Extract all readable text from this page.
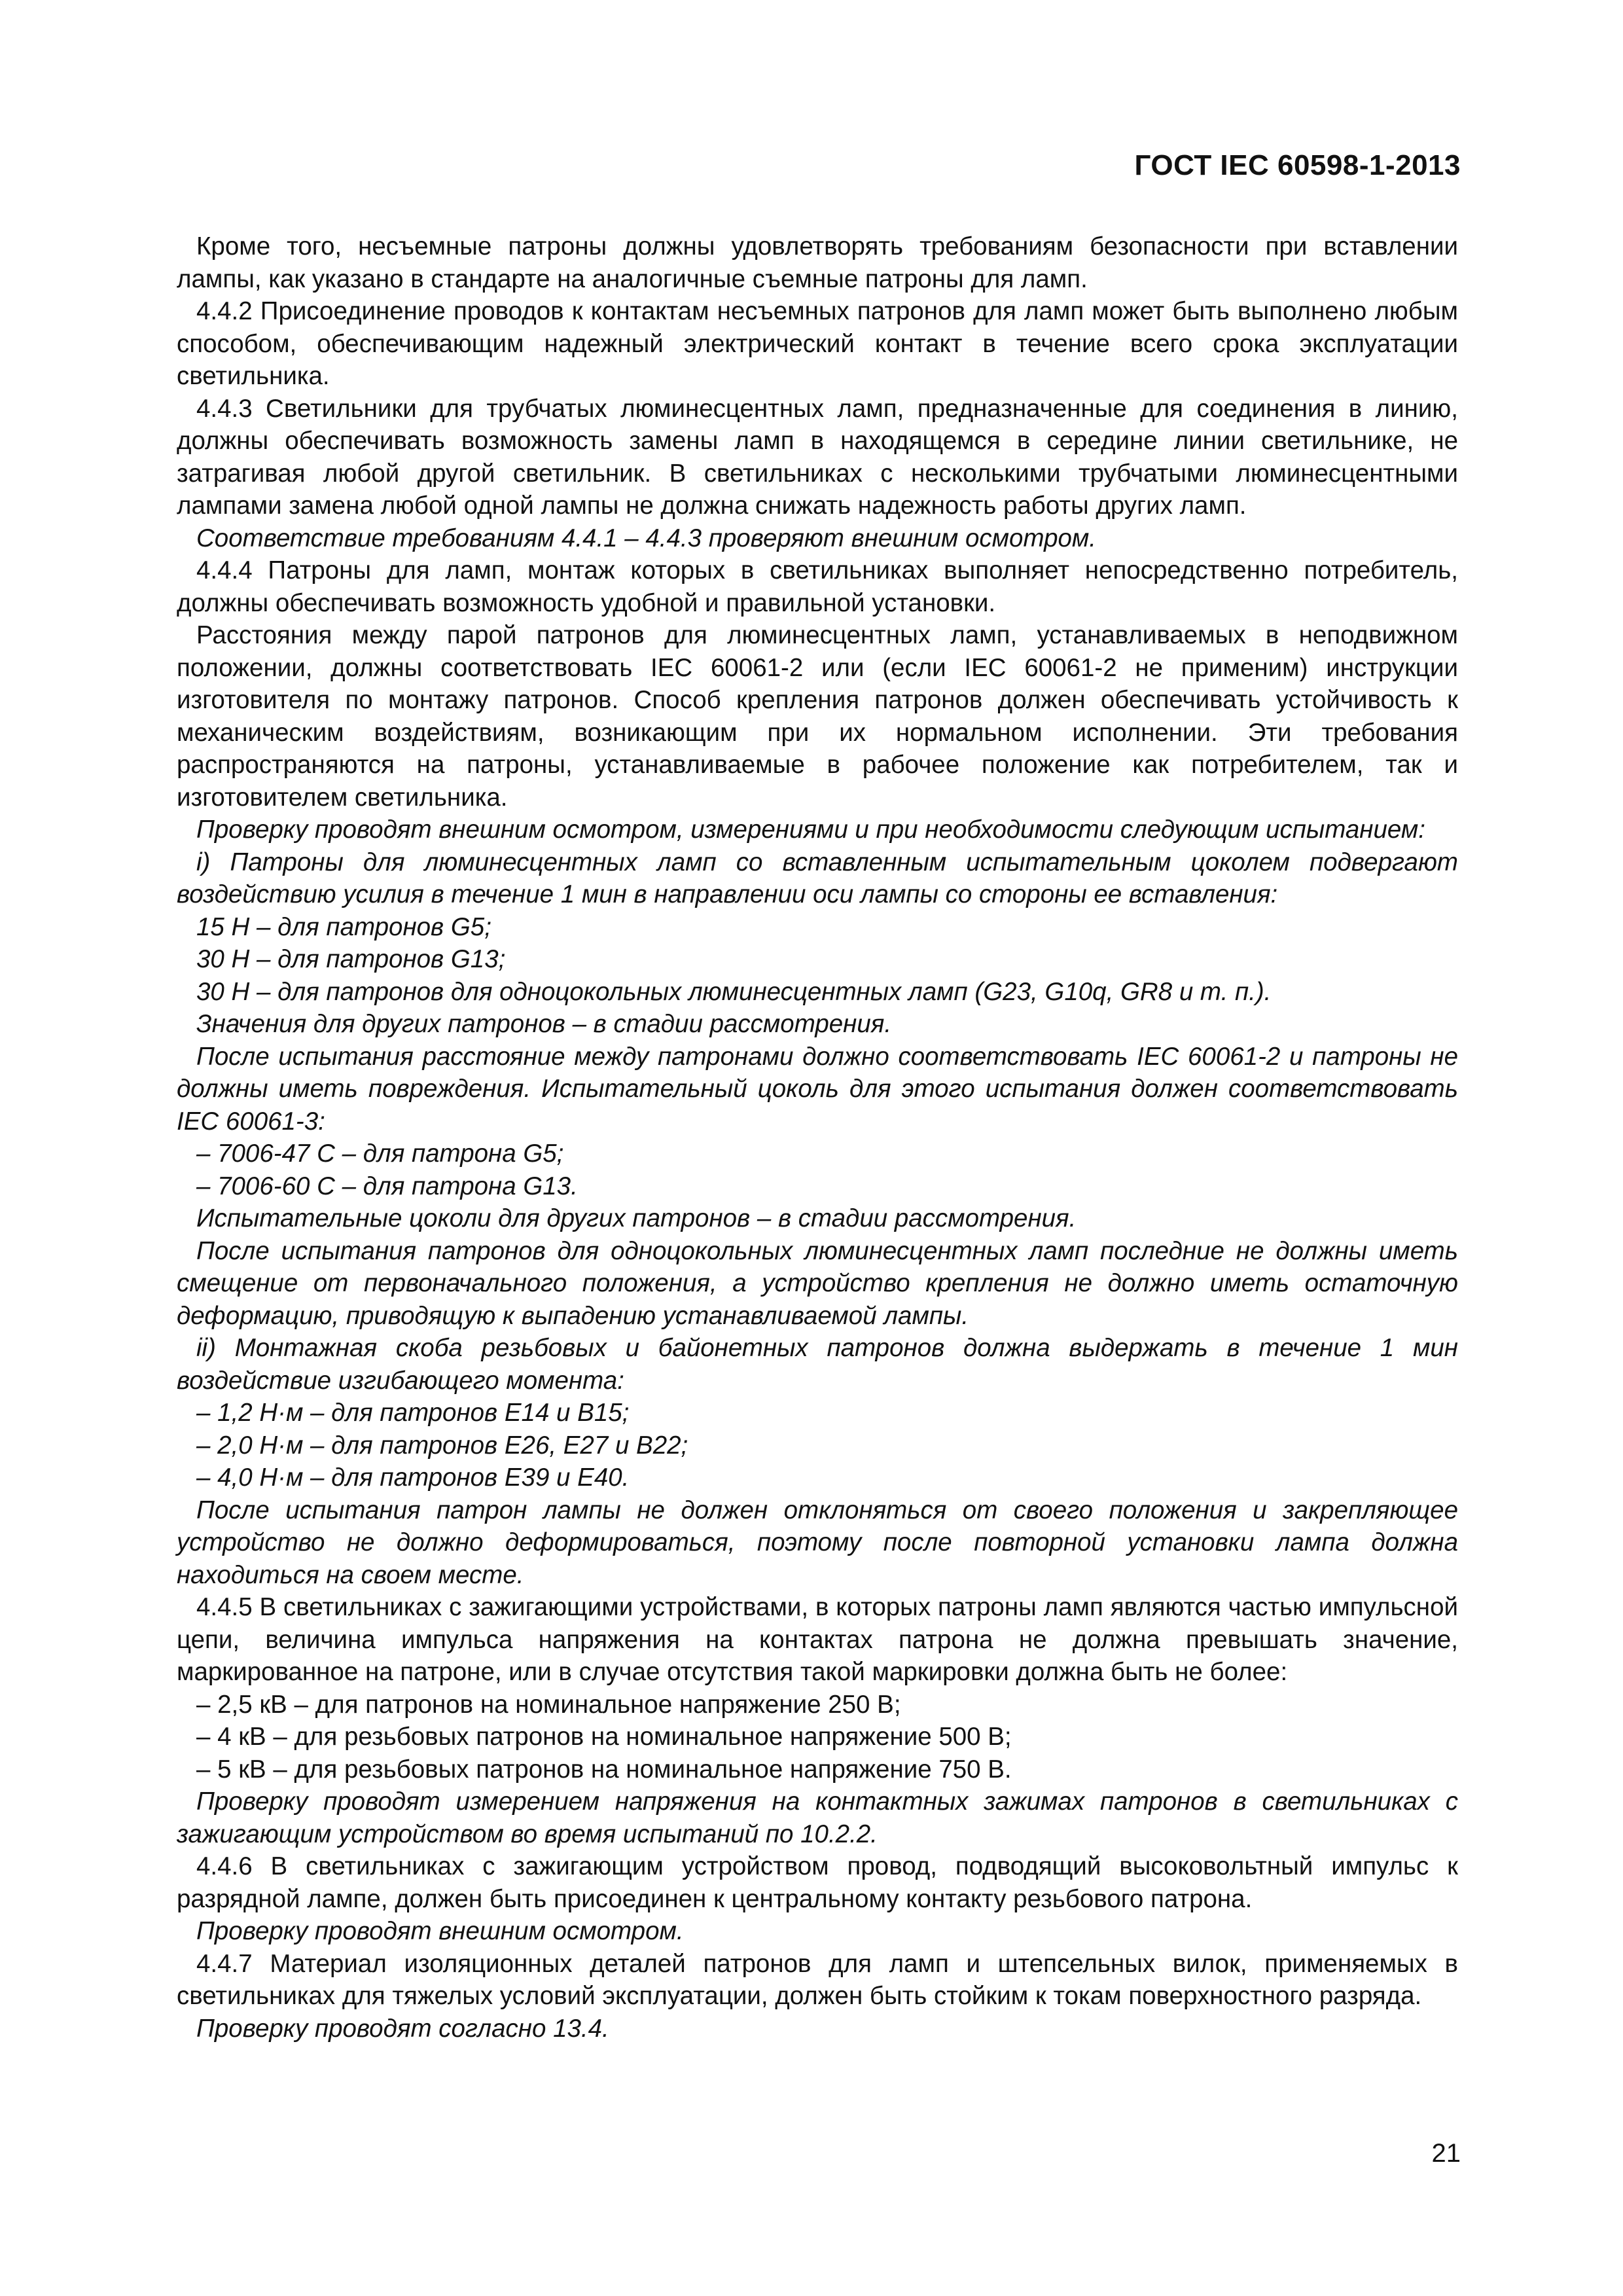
ГОСТ IEC 60598-1-2013

Кроме того, несъемные патроны должны удовлетворять требованиям безопасности при вставлении лампы, как указано в стандарте на аналогичные съемные патроны для ламп.

4.4.2 Присоединение проводов к контактам несъемных патронов для ламп может быть выполнено любым способом, обеспечивающим надежный электрический контакт в течение всего срока эксплуатации светильника.

4.4.3 Светильники для трубчатых люминесцентных ламп, предназначенные для соединения в линию, должны обеспечивать возможность замены ламп в находящемся в середине линии светильнике, не затрагивая любой другой светильник. В светильниках с несколькими трубчатыми люминесцентными лампами замена любой одной лампы не должна снижать надежность работы других ламп.

Соответствие требованиям 4.4.1 – 4.4.3 проверяют внешним осмотром.

4.4.4 Патроны для ламп, монтаж которых в светильниках выполняет непосредственно потребитель, должны обеспечивать возможность удобной и правильной установки.

Расстояния между парой патронов для люминесцентных ламп, устанавливаемых в неподвижном положении, должны соответствовать IEC 60061-2 или (если IEC 60061-2 не применим) инструкции изготовителя по монтажу патронов. Способ крепления патронов должен обеспечивать устойчивость к механическим воздействиям, возникающим при их нормальном исполнении. Эти требования распространяются на патроны, устанавливаемые в рабочее положение как потребителем, так и изготовителем светильника.

Проверку проводят внешним осмотром, измерениями и при необходимости следующим испытанием:

i) Патроны для люминесцентных ламп со вставленным испытательным цоколем подвергают воздействию усилия в течение 1 мин в направлении оси лампы со стороны ее вставления:

15 Н – для патронов G5;

30 Н – для патронов G13;

30 Н – для патронов для одноцокольных люминесцентных ламп (G23, G10q, GR8 и т. п.).

Значения для других патронов – в стадии рассмотрения.

После испытания расстояние между патронами должно соответствовать IEC 60061-2 и патроны не должны иметь повреждения. Испытательный цоколь для этого испытания должен соответствовать IEC 60061-3:

– 7006-47 С – для патрона G5;

– 7006-60 С – для патрона G13.

Испытательные цоколи для других патронов – в стадии рассмотрения.

После испытания патронов для одноцокольных люминесцентных ламп последние не должны иметь смещение от первоначального положения, а устройство крепления не должно иметь остаточную деформацию, приводящую к выпадению устанавливаемой лампы.

ii) Монтажная скоба резьбовых и байонетных патронов должна выдержать в течение 1 мин воздействие изгибающего момента:

– 1,2 Н·м – для патронов Е14 и В15;

– 2,0 Н·м – для патронов Е26, Е27 и В22;

– 4,0 Н·м – для патронов Е39 и Е40.

После испытания патрон лампы не должен отклоняться от своего положения и закрепляющее устройство не должно деформироваться, поэтому после повторной установки лампа должна находиться на своем месте.

4.4.5 В светильниках с зажигающими устройствами, в которых патроны ламп являются частью импульсной цепи, величина импульса напряжения на контактах патрона не должна превышать значение, маркированное на патроне, или в случае отсутствия такой маркировки должна быть не более:

– 2,5 кВ – для патронов на номинальное напряжение 250 В;

– 4 кВ – для резьбовых патронов на номинальное напряжение 500 В;

– 5 кВ – для резьбовых патронов на номинальное напряжение 750 В.

Проверку проводят измерением напряжения на контактных зажимах патронов в светильниках с зажигающим устройством во время испытаний по 10.2.2.

4.4.6 В светильниках с зажигающим устройством провод, подводящий высоковольтный импульс к разрядной лампе, должен быть присоединен к центральному контакту резьбового патрона.

Проверку проводят внешним осмотром.

4.4.7 Материал изоляционных деталей патронов для ламп и штепсельных вилок, применяемых в светильниках для тяжелых условий эксплуатации, должен быть стойким к токам поверхностного разряда.

Проверку проводят согласно 13.4.

21
